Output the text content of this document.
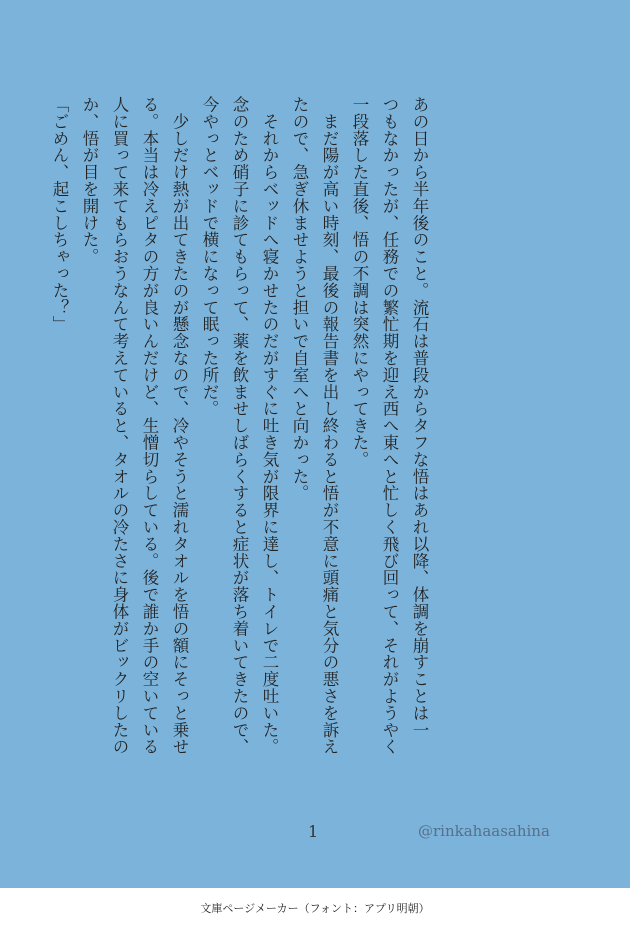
あの日から半年後のこと。流石は普段からタフな悟はあれ以降、体調を崩すことは一

つもなかったが、任務での繁忙期を迎え西へ東へと忙しく飛び回って、それがようやく

一段落した直後、悟の不調は突然にやってきた。

　まだ陽が高い時刻、最後の報告書を出し終わると悟が不意に頭痛と気分の悪さを訴え

たので、急ぎ休ませようと担いで自室へと向かった。

　それからベッドへ寝かせたのだがすぐに吐き気が限界に達し、トイレで二度吐いた。

念のため硝子に診てもらって、薬を飲ませしばらくすると症状が落ち着いてきたので、

今やっとベッドで横になって眠った所だ。

　少しだけ熱が出てきたのが懸念なので、冷やそうと濡れタオルを悟の額にそっと乗せ

る。本当は冷えピタの方が良いんだけど、生憎切らしている。後で誰か手の空いている

人に買って来てもらおうなんて考えていると、タオルの冷たさに身体がビックリしたの

か、悟が目を開けた。

「ごめん、起こしちゃった？」

1	@rinkahaasahina
文庫ページメーカー（フォント：アプリ明朝）
